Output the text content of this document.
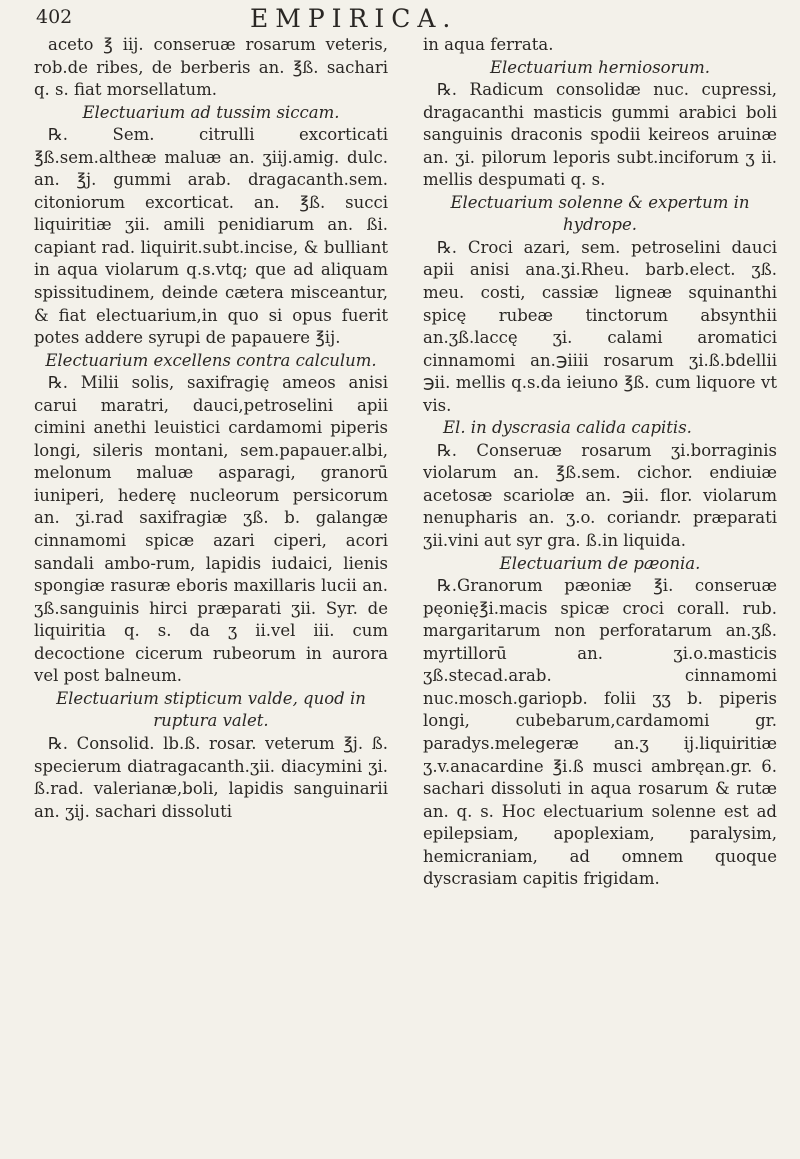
402	EMPIRICA.

aceto ℥ iij. conseruæ rosarum veteris, rob.de ribes, de berberis an. ℥ß. sachari q. s. fiat morsellatum.

Electuarium ad tussim siccam.

℞. Sem. citrulli excorticati ℥ß.sem.altheæ maluæ an. ʒiij.amig. dulc. an. ℥j. gummi arab. dragacanth.sem. citoniorum excorticat. an. ℥ß. succi liquiritiæ ʒii. amili penidiarum an. ßi. capiant rad. liquirit.subt.incise, & bulliant in aqua violarum q.s.vtq; que ad aliquam spissitudinem, deinde cætera misceantur, & fiat electuarium,in quo si opus fuerit potes addere syrupi de papauere ℥ij.

Electuarium excellens contra calculum.

℞. Milii solis, saxifragię ameos anisi carui maratri, dauci,petroselini apii cimini anethi leuistici cardamomi piperis longi, sileris montani, sem.papauer.albi, melonum maluæ asparagi, granorū iuniperi, hederę nucleorum persicorum an. ʒi.rad saxifragiæ ʒß. b. galangæ cinnamomi spicæ azari ciperi, acori sandali ambo-rum, lapidis iudaici, lienis spongiæ rasuræ eboris maxillaris lucii an. ʒß.sanguinis hirci præparati ʒii. Syr. de liquiritia q. s. da ʒ ii.vel iii. cum decoctione cicerum rubeorum in aurora vel post balneum.

Electuarium stipticum valde, quod in ruptura valet.

℞. Consolid. lb.ß. rosar. veterum ℥j. ß. specierum diatragacanth.ʒii. diacymini ʒi. ß.rad. valerianæ,boli, lapidis sanguinarii an. ʒij. sachari dissoluti

in aqua ferrata.

Electuarium herniosorum.

℞. Radicum consolidæ nuc. cupressi, dragacanthi masticis gummi arabici boli sanguinis draconis spodii keireos aruinæ an. ʒi. pilorum leporis subt.inciforum ʒ ii. mellis despumati q. s.

Electuarium solenne & expertum in hydrope.

℞. Croci azari, sem. petroselini dauci apii anisi ana.ʒi.Rheu. barb.elect. ʒß. meu. costi, cassiæ ligneæ squinanthi spicę rubeæ tinctorum absynthii an.ʒß.laccę ʒi. calami aromatici cinnamomi an.℈iiii rosarum ʒi.ß.bdellii ℈ii. mellis q.s.da ieiuno ℥ß. cum liquore vt vis.

El. in dyscrasia calida capitis.

℞. Conseruæ rosarum ʒi.borraginis violarum an. ℥ß.sem. cichor. endiuiæ acetosæ scariolæ an. ℈ii. flor. violarum nenupharis an. ʒ.o. coriandr. præparati ʒii.vini aut syr gra. ß.in liquida.

Electuarium de pæonia.

℞.Granorum pæoniæ ℥i. conseruæ pęonię℥i.macis spicæ croci corall. rub. margaritarum non perforatarum an.ʒß. myrtillorū an. ʒi.o.masticis ʒß.stecad.arab. cinnamomi nuc.mosch.gariopb. folii ʒʒ b. piperis longi, cubebarum,cardamomi gr. paradys.melegeræ an.ʒ ij.liquiritiæ ʒ.v.anacardine ℥i.ß musci ambręan.gr. 6. sachari dissoluti in aqua rosarum & rutæ an. q. s. Hoc electuarium solenne est ad epilepsiam, apoplexiam, paralysim, hemicraniam, ad omnem quoque dyscrasiam capitis frigidam.
